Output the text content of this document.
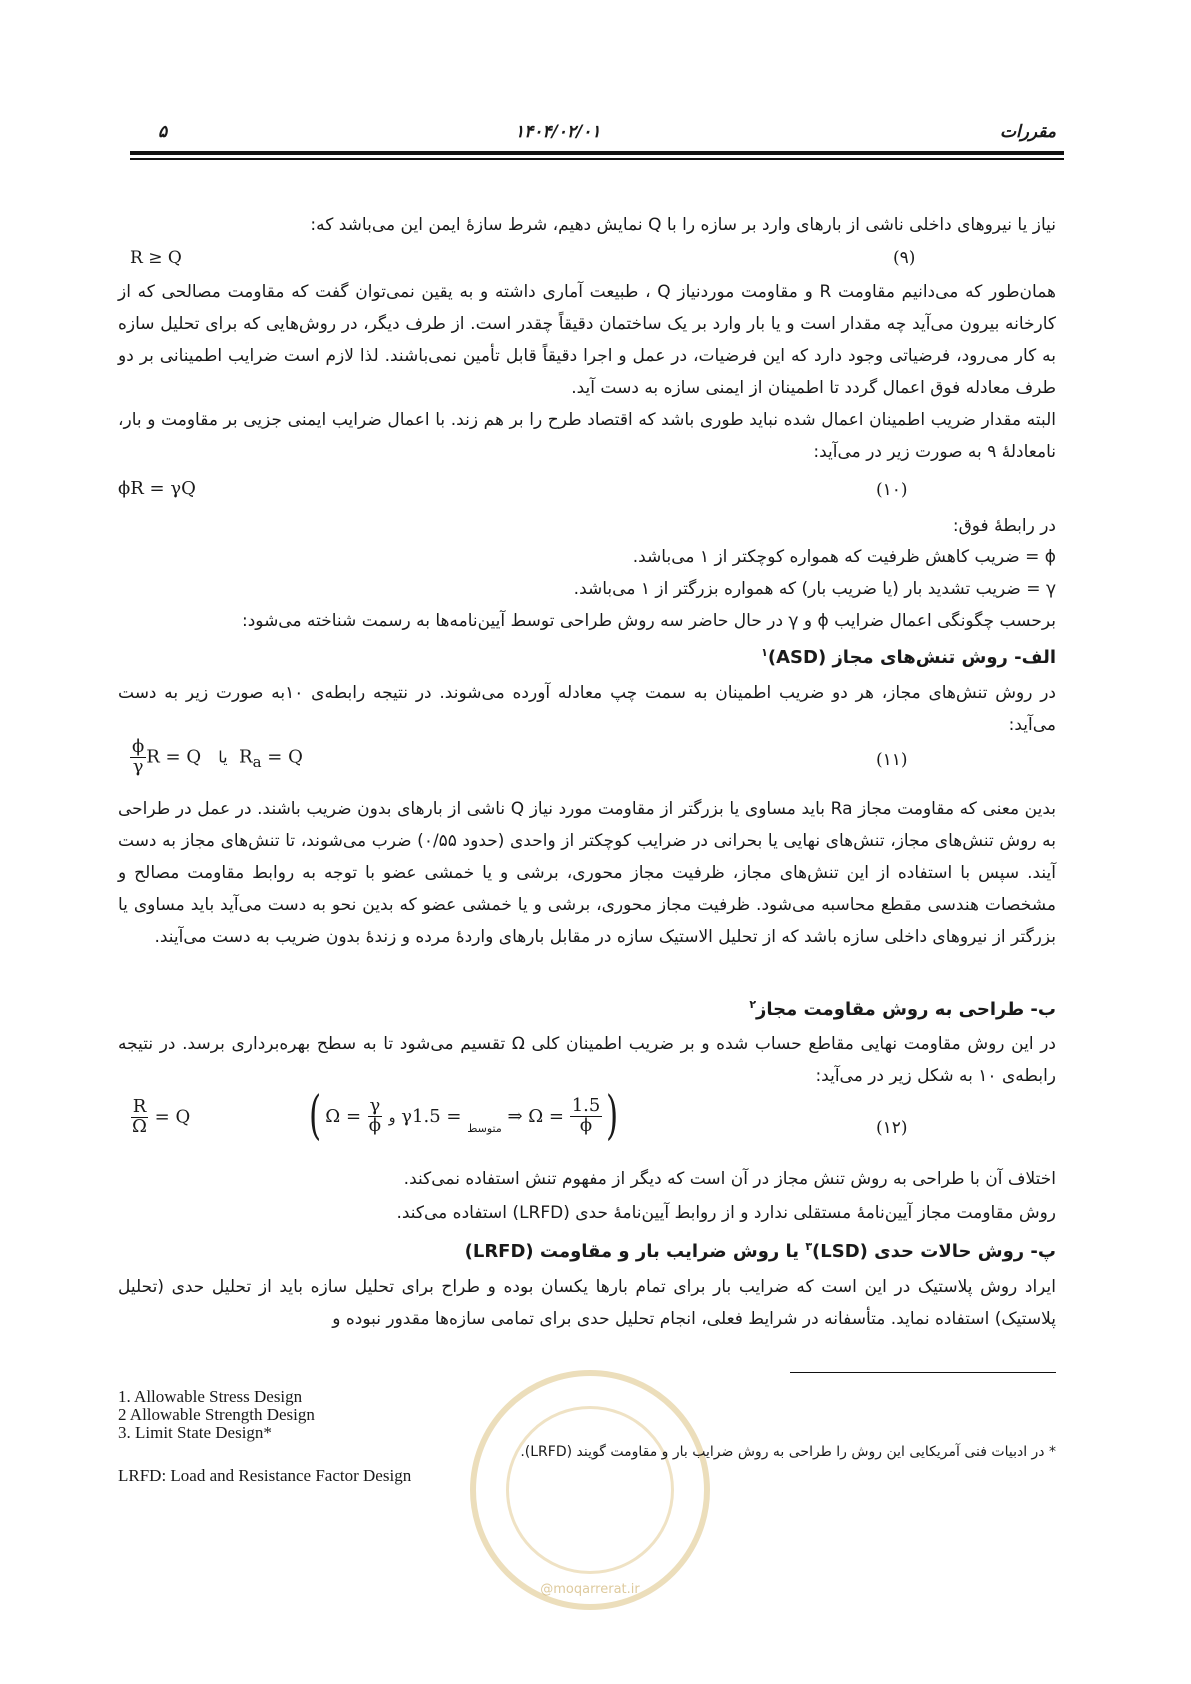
مقررات
۱۴۰۴/۰۲/۰۱
۵
نیاز یا نیروهای داخلی ناشی از بارهای وارد بر سازه را با Q نمایش دهیم، شرط سازهٔ ایمن این می‌باشد که:
(۹)
R ≥ Q

همان‌طور که می‌دانیم مقاومت R و مقاومت موردنیاز Q ، طبیعت آماری داشته و به یقین نمی‌توان گفت که مقاومت مصالحی که از کارخانه بیرون می‌آید چه مقدار است و یا بار وارد بر یک ساختمان دقیقاً چقدر است. از طرف دیگر، در روش‌هایی که برای تحلیل سازه به کار می‌رود، فرضیاتی وجود دارد که این فرضیات، در عمل و اجرا دقیقاً قابل تأمین نمی‌باشند. لذا لازم است ضرایب اطمینانی بر دو طرف معادله فوق اعمال گردد تا اطمینان از ایمنی سازه به دست آید.

البته مقدار ضریب اطمینان اعمال شده نباید طوری باشد که اقتصاد طرح را بر هم زند. با اعمال ضرایب ایمنی جزیی بر مقاومت و بار، نامعادلهٔ ۹ به صورت زیر در می‌آید:

(۱۰)
ϕR = γQ
در رابطهٔ فوق:
ϕ = ضریب کاهش ظرفیت که همواره کوچکتر از ۱ می‌باشد.
γ = ضریب تشدید بار (یا ضریب بار) که همواره بزرگتر از ۱ می‌باشد.
برحسب چگونگی اعمال ضرایب ϕ و γ در حال حاضر سه روش طراحی توسط آیین‌نامه‌ها به رسمت شناخته می‌شود:
الف- روش تنش‌های مجاز (ASD)$^۱$

در روش تنش‌های مجاز، هر دو ضریب اطمینان به سمت چپ معادله آورده می‌شوند. در نتیجه رابطه‌ی ۱۰به صورت زیر به دست می‌آید:

(۱۱)
$\frac{\phi}{\gamma}$ R = Q   یا  $R_a = Q$

بدین معنی که مقاومت مجاز Ra باید مساوی یا بزرگتر از مقاومت مورد نیاز Q ناشی از بارهای بدون ضریب باشند. در عمل در طراحی به روش تنش‌های مجاز، تنش‌های نهایی یا بحرانی در ضرایب کوچکتر از واحدی (حدود ۰/۵۵) ضرب می‌شوند، تا تنش‌های مجاز به دست آیند. سپس با استفاده از این تنش‌های مجاز، ظرفیت مجاز محوری، برشی و یا خمشی عضو با توجه به روابط مقاومت مصالح و مشخصات هندسی مقطع محاسبه می‌شود. ظرفیت مجاز محوری، برشی و یا خمشی عضو که بدین نحو به دست می‌آید باید مساوی یا بزرگتر از نیروهای داخلی سازه باشد که از تحلیل الاستیک سازه در مقابل بارهای واردهٔ مرده و زندهٔ بدون ضریب به دست می‌آیند.

ب- طراحی به روش مقاومت مجاز$^۲$

در این روش مقاومت نهایی مقاطع حساب شده و بر ضریب اطمینان کلی Ω تقسیم می‌شود تا به سطح بهره‌برداری برسد. در نتیجه رابطه‌ی ۱۰ به شکل زیر در می‌آید:

(۱۲)
$\frac{R}{\Omega} = Q$ ( $\Omega = \frac{\gamma}{\phi}$ و $\gamma_{متوسط} = 1.5$ ⇒ $\Omega = \frac{1.5}{\phi}$ )
اختلاف آن با طراحی به روش تنش مجاز در آن است که دیگر از مفهوم تنش استفاده نمی‌کند.
روش مقاومت مجاز آیین‌نامهٔ مستقلی ندارد و از روابط آیین‌نامهٔ حدی (LRFD) استفاده می‌کند.
پ- روش حالات حدی (LSD)$^۳$ یا روش ضرایب بار و مقاومت (LRFD)

ایراد روش پلاستیک در این است که ضرایب بار برای تمام بارها یکسان بوده و طراح برای تحلیل سازه باید از تحلیل حدی (تحلیل پلاستیک) استفاده نماید. متأسفانه در شرایط فعلی، انجام تحلیل حدی برای تمامی سازه‌ها مقدور نبوده و

@moqarrerat.ir
1. Allowable Stress Design
2 Allowable Strength Design
3. Limit State Design*
* در ادبیات فنی آمریکایی این روش را طراحی به روش ضرایب بار و مقاومت گویند (LRFD).
LRFD: Load and Resistance Factor Design
